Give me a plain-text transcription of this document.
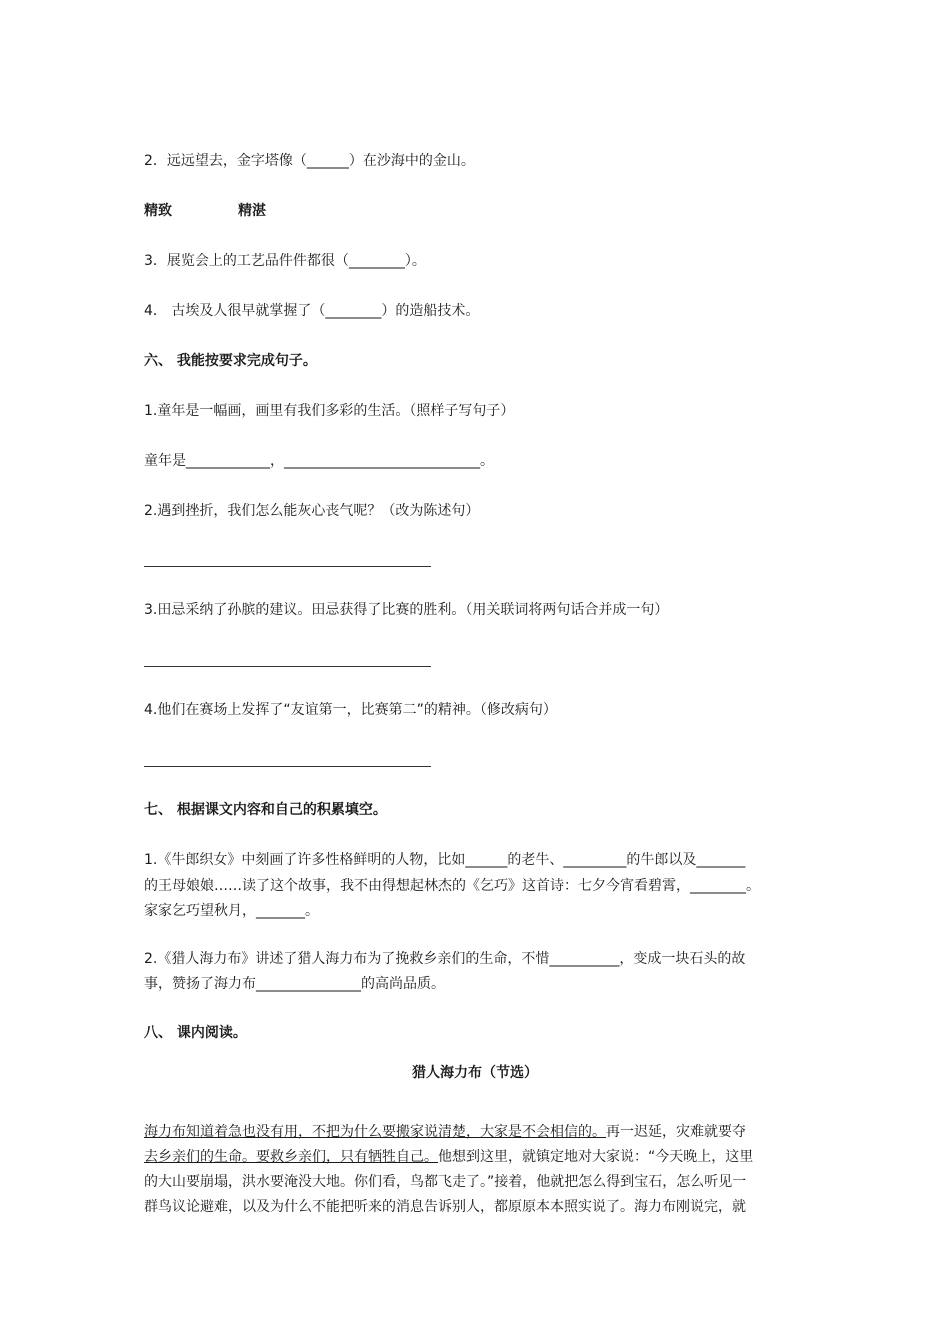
2．远远望去，金字塔像（______）在沙海中的金山。

精致	精湛

3．展览会上的工艺品件件都很（________）。

4． 古埃及人很早就掌握了（________）的造船技术。

六、 我能按要求完成句子。

1.童年是一幅画，画里有我们多彩的生活。（照样子写句子）

童年是____________，____________________________。

2.遇到挫折，我们怎么能灰心丧气呢？（改为陈述句）

3.田忌采纳了孙膑的建议。田忌获得了比赛的胜利。（用关联词将两句话合并成一句）

4.他们在赛场上发挥了“友谊第一，比赛第二”的精神。（修改病句）

七、 根据课文内容和自己的积累填空。

1.《牛郎织女》中刻画了许多性格鲜明的人物，比如______的老牛、_________的牛郎以及_______

的王母娘娘……读了这个故事，我不由得想起林杰的《乞巧》这首诗：七夕今宵看碧霄，________。

家家乞巧望秋月，_______。

2.《猎人海力布》讲述了猎人海力布为了挽救乡亲们的生命，不惜__________，变成一块石头的故

事，赞扬了海力布_______________的高尚品质。

八、 课内阅读。

猎人海力布（节选）

海力布知道着急也没有用，不把为什么要搬家说清楚，大家是不会相信的。再一迟延，灾难就要夺

去乡亲们的生命。要救乡亲们，只有牺牲自己。他想到这里，就镇定地对大家说：“今天晚上，这里

的大山要崩塌，洪水要淹没大地。你们看，鸟都飞走了。”接着，他就把怎么得到宝石，怎么听见一

群鸟议论避难，以及为什么不能把听来的消息告诉别人，都原原本本照实说了。海力布刚说完，就
